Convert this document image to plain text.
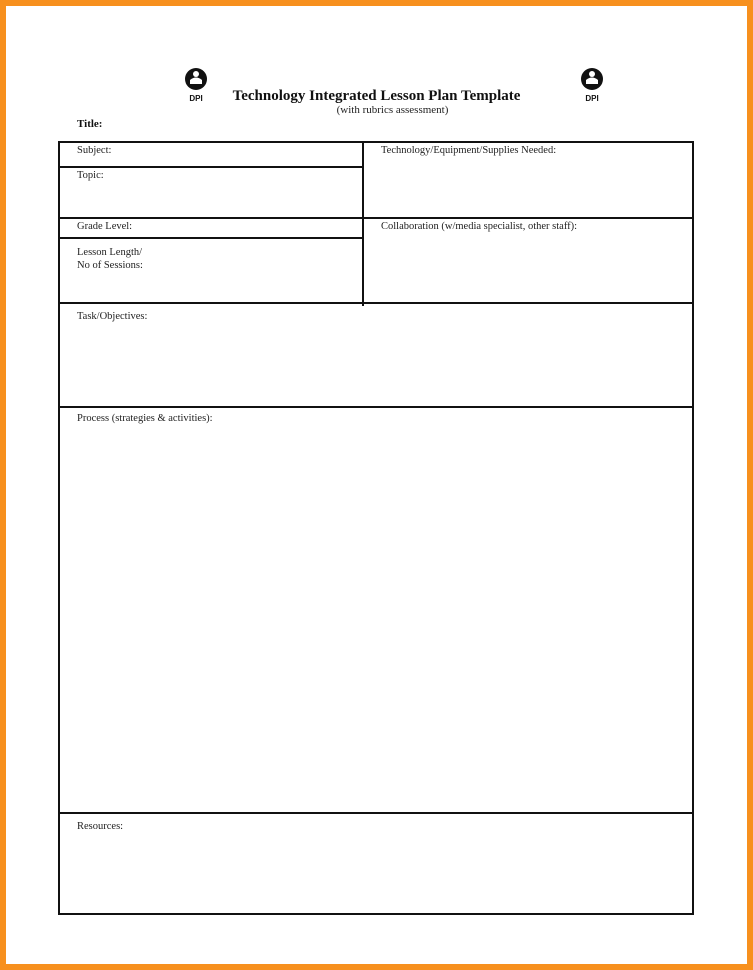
DPI	DPI
Technology Integrated Lesson Plan Template
(with rubrics assessment)
Title:
Subject:
Topic:
Grade Level:
Lesson Length/
No of Sessions:
Technology/Equipment/Supplies Needed:
Collaboration (w/media specialist, other staff):
Task/Objectives:
Process (strategies & activities):
Resources:
